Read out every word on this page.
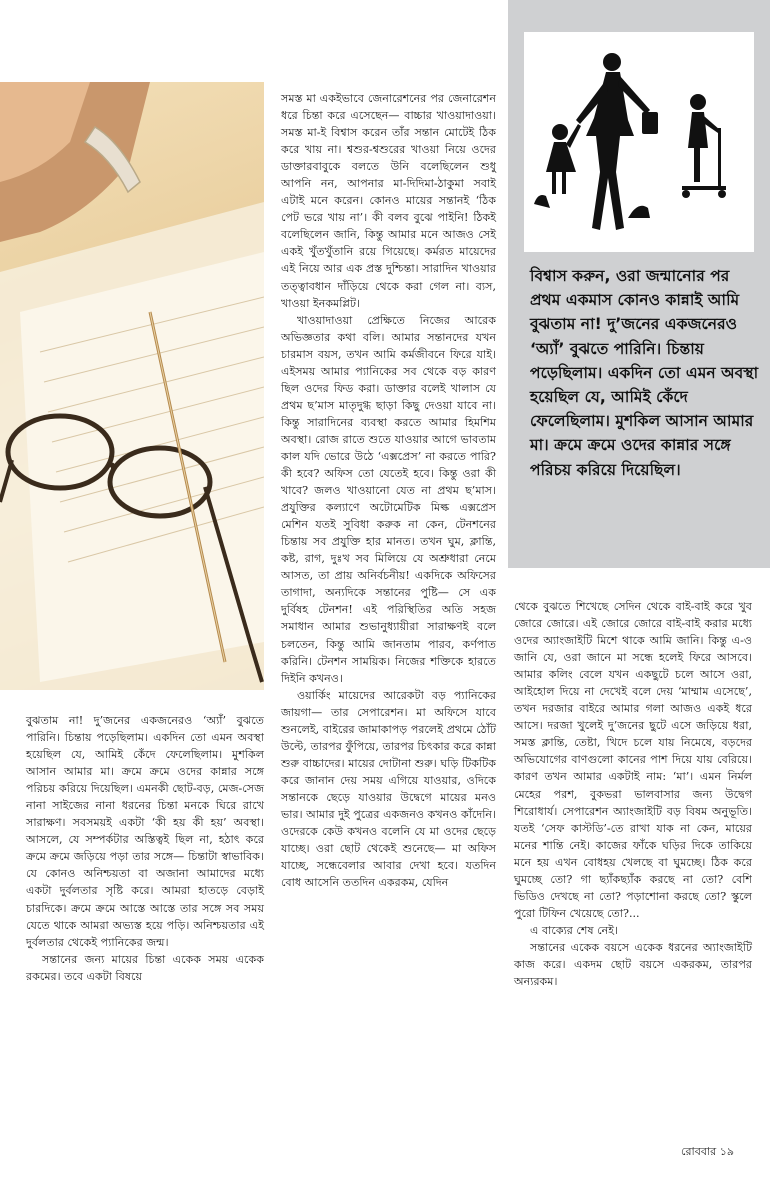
বিশ্বাস করুন, ওরা জন্মানোর পর প্রথম একমাস কোনও কান্নাই আমি বুঝতাম না! দু’জনের একজনেরও ‘অ্যাঁ’ বুঝতে পারিনি। চিন্তায় পড়েছিলাম। একদিন তো এমন অবস্থা হয়েছিল যে, আমিই কেঁদে ফেলেছিলাম। মুশকিল আসান আমার মা। ক্রমে ক্রমে ওদের কান্নার সঙ্গে পরিচয় করিয়ে দিয়েছিল।

সমস্ত মা একইভাবে জেনারেশনের পর জেনারেশন ধরে চিন্তা করে এসেছেন— বাচ্চার খাওয়াদাওয়া। সমস্ত মা-ই বিশ্বাস করেন তাঁর সন্তান মোটেই ঠিক করে খায় না। শ্বশুর-শ্বশুরের খাওয়া নিয়ে ওদের ডাক্তারবাবুকে বলতে উনি বলেছিলেন শুধু আপনি নন, আপনার মা-দিদিমা-ঠাকুমা সবাই এটাই মনে করেন। কোনও মায়ের সন্তানই ‘ঠিক পেট ভরে খায় না’। কী বলব বুঝে পাইনি! ঠিকই বলেছিলেন জানি, কিন্তু আমার মনে আজও সেই একই খুঁতখুঁতানি রয়ে গিয়েছে। কর্মরত মায়েদের এই নিয়ে আর এক প্রস্ত দুশ্চিন্তা। সারাদিন খাওয়ার তত্ত্বাবধান দাঁড়িয়ে থেকে করা গেল না। ব্যস, খাওয়া ইনকমপ্লিট।

খাওয়াদাওয়া প্রেক্ষিতে নিজের আরেক অভিজ্ঞতার কথা বলি। আমার সন্তানদের যখন চারমাস বয়স, তখন আমি কর্মজীবনে ফিরে যাই। এইসময় আমার প্যানিকের সব থেকে বড় কারণ ছিল ওদের ফিড করা। ডাক্তার বলেই খালাস যে প্রথম ছ’মাস মাতৃদুগ্ধ ছাড়া কিছু দেওয়া যাবে না। কিন্তু সারাদিনের ব্যবস্থা করতে আমার হিমশিম অবস্থা। রোজ রাতে শুতে যাওয়ার আগে ভাবতাম কাল যদি ভোরে উঠে ‘এক্সপ্রেস’ না করতে পারি? কী হবে? অফিস তো যেতেই হবে। কিন্তু ওরা কী খাবে? জলও খাওয়ানো যেত না প্রথম ছ’মাস। প্রযুক্তির কল্যাণে অটোমেটিক মিল্ক এক্সপ্রেস মেশিন যতই সুবিধা করুক না কেন, টেনশনের চিন্তায় সব প্রযুক্তি হার মানত। তখন ঘুম, ক্লান্তি, কষ্ট, রাগ, দুঃখ সব মিলিয়ে যে অশ্রুধারা নেমে আসত, তা প্রায় অনির্বচনীয়! একদিকে অফিসের তাগাদা, অন্যদিকে সন্তানের পুষ্টি— সে এক দুর্বিষহ টেনশন! এই পরিস্থিতির অতি সহজ সমাধান আমার শুভানুধ্যায়ীরা সারাক্ষণই বলে চলতেন, কিন্তু আমি জানতাম পারব, কর্ণপাত করিনি। টেনশন সাময়িক। নিজের শক্তিকে হারতে দিইনি কখনও।

ওয়ার্কিং মায়েদের আরেকটা বড় প্যানিকের জায়গা— তার সেপারেশন। মা অফিসে যাবে শুনলেই, বাইরের জামাকাপড় পরলেই প্রথমে ঠোঁট উল্টে, তারপর ফুঁপিয়ে, তারপর চিৎকার করে কান্না শুরু বাচ্চাদের। মায়ের দোটানা শুরু। ঘড়ি টিকটিক করে জানান দেয় সময় এগিয়ে যাওয়ার, ওদিকে সন্তানকে ছেড়ে যাওয়ার উদ্বেগে মায়ের মনও ভার। আমার দুই পুত্রের একজনও কখনও কাঁদেনি। ওদেরকে কেউ কখনও বলেনি যে মা ওদের ছেড়ে যাচ্ছে। ওরা ছোট থেকেই শুনেছে— মা অফিস যাচ্ছে, সন্ধেবেলার আবার দেখা হবে। যতদিন বোধ আসেনি ততদিন একরকম, যেদিন

বুঝতাম না! দু’জনের একজনেরও ‘অ্যাঁ’ বুঝতে পারিনি। চিন্তায় পড়েছিলাম। একদিন তো এমন অবস্থা হয়েছিল যে, আমিই কেঁদে ফেলেছিলাম। মুশকিল আসান আমার মা। ক্রমে ক্রমে ওদের কান্নার সঙ্গে পরিচয় করিয়ে দিয়েছিল। এমনকী ছোট-বড়, মেজ-সেজ নানা সাইজের নানা ধরনের চিন্তা মনকে ঘিরে রাখে সারাক্ষণ। সবসময়ই একটা ‘কী হয় কী হয়’ অবস্থা। আসলে, যে সম্পর্কটার অস্তিত্বই ছিল না, হঠাৎ করে ক্রমে ক্রমে জড়িয়ে পড়া তার সঙ্গে— চিন্তাটা স্বাভাবিক। যে কোনও অনিশ্চয়তা বা অজানা আমাদের মধ্যে একটা দুর্বলতার সৃষ্টি করে। আমরা হাতড়ে বেড়াই চারদিকে। ক্রমে ক্রমে আস্তে আস্তে তার সঙ্গে সব সময় যেতে থাকে আমরা অভ্যস্ত হয়ে পড়ি। অনিশ্চয়তার এই দুর্বলতার থেকেই প্যানিকের জন্ম।

সন্তানের জন্য মায়ের চিন্তা একেক সময় একেক রকমের। তবে একটা বিষয়ে

থেকে বুঝতে শিখেছে সেদিন থেকে বাই-বাই করে খুব জোরে জোরে। এই জোরে জোরে বাই-বাই করার মধ্যে ওদের অ্যাংজাইটি মিশে থাকে আমি জানি। কিন্তু এ-ও জানি যে, ওরা জানে মা সন্ধে হলেই ফিরে আসবে। আমার কলিং বেলে যখন একছুটে চলে আসে ওরা, আইহোল দিয়ে না দেখেই বলে দেয় ‘মাম্মাম এসেছে’, তখন দরজার বাইরে আমার গলা আজও একই ধরে আসে। দরজা খুলেই দু’জনের ছুটে এসে জড়িয়ে ধরা, সমস্ত ক্লান্তি, তেষ্টা, খিদে চলে যায় নিমেষে, বড়দের অভিযোগের বাণগুলো কানের পাশ দিয়ে যায় বেরিয়ে। কারণ তখন আমার একটাই নাম: ‘মা’। এমন নির্মল মেহের পরশ, বুকভরা ভালবাসার জন্য উদ্বেগ শিরোধার্য। সেপারেশন অ্যাংজাইটি বড় বিষম অনুভূতি। যতই ‘সেফ কাস্টডি’-তে রাখা যাক না কেন, মায়ের মনের শান্তি নেই। কাজের ফাঁকে ঘড়ির দিকে তাকিয়ে মনে হয় এখন বোধহয় খেলছে বা ঘুমচ্ছে। ঠিক করে ঘুমচ্ছে তো? গা ছ্যাঁকছ্যাঁক করছে না তো? বেশি ভিডিও দেখছে না তো? পড়াশোনা করছে তো? স্কুলে পুরো টিফিন খেয়েছে তো?...

এ বাক্যের শেষ নেই।

সন্তানের একেক বয়সে একেক ধরনের অ্যাংজাইটি কাজ করে। একদম ছোট বয়সে একরকম, তারপর অন্যরকম।

রোববার ১৯
